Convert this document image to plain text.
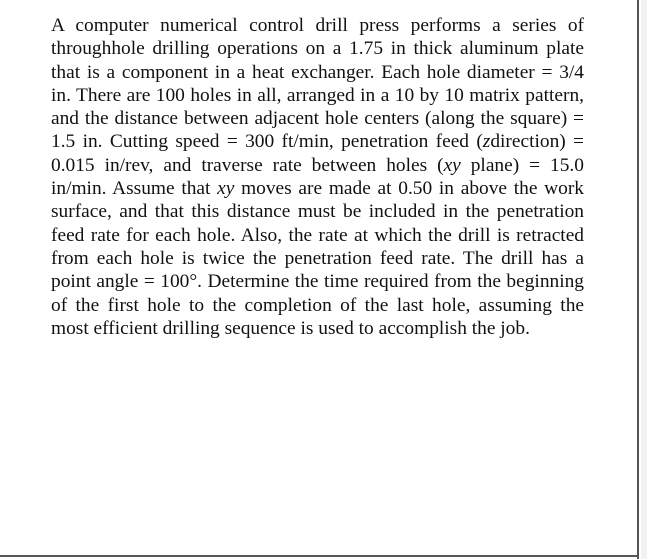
A computer numerical control drill press performs a series of throughhole drilling operations on a 1.75 in thick aluminum plate that is a component in a heat exchanger. Each hole diameter = 3/4 in. There are 100 holes in all, arranged in a 10 by 10 matrix pattern, and the distance between adjacent hole centers (along the square) = 1.5 in. Cutting speed = 300 ft/min, penetration feed (zdirection) = 0.015 in/rev, and traverse rate between holes (xy plane) = 15.0 in/min. Assume that xy moves are made at 0.50 in above the work surface, and that this distance must be included in the penetration feed rate for each hole. Also, the rate at which the drill is retracted from each hole is twice the penetration feed rate. The drill has a point angle = 100°. Determine the time required from the beginning of the first hole to the completion of the last hole, assuming the most efficient drilling sequence is used to accomplish the job.
